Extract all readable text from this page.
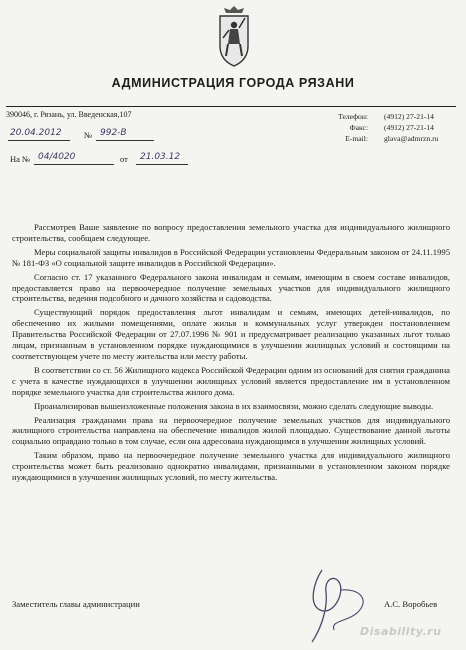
АДМИНИСТРАЦИЯ ГОРОДА РЯЗАНИ
390046, г. Рязань, ул. Введенская,107	Телефон:	(4912) 27-21-14
Факс:	(4912) 27-21-14
E-mail:	glava@admrzn.ru
20.04.2012	№ 992-В
На № 04/4020	от 21.03.12

Рассмотрев Ваше заявление по вопросу предоставления земельного участка для индивидуального жилищного строительства, сообщаем следующее.

Меры социальной защиты инвалидов в Российской Федерации установлены Федеральным законом от 24.11.1995 № 181-ФЗ «О социальной защите инвалидов в Российской Федерации».

Согласно ст. 17 указанного Федерального закона инвалидам и семьям, имеющим в своем составе инвалидов, предоставляется право на первоочередное получение земельных участков для индивидуального жилищного строительства, ведения подсобного и дачного хозяйства и садоводства.

Существующий порядок предоставления льгот инвалидам и семьям, имеющих детей-инвалидов, по обеспечению их жилыми помещениями, оплате жилья и коммунальных услуг утвержден постановлением Правительства Российской Федерации от 27.07.1996 № 901 и предусматривает реализацию указанных льгот только лицам, признанным в установленном порядке нуждающимися в улучшении жилищных условий и состоящими на соответствующем учете по месту жительства или месту работы.

В соответствии со ст. 56 Жилищного кодекса Российской Федерации одним из оснований для снятия гражданина с учета в качестве нуждающихся в улучшении жилищных условий является предоставление им в установленном порядке земельного участка для строительства жилого дома.

Проанализировав вышеизложенные положения закона в их взаимосвязи, можно сделать следующие выводы.

Реализация гражданами права на первоочередное получение земельных участков для индивидуального жилищного строительства направлена на обеспечение инвалидов жилой площадью. Существование данной льготы социально оправдано только в том случае, если она адресована нуждающимся в улучшении жилищных условий.

Таким образом, право на первоочередное получение земельного участка для индивидуального жилищного строительства может быть реализовано однократно инвалидами, признанными в установленном законом порядке нуждающимися в улучшении жилищных условий, по месту жительства.

Заместитель главы администрации	А.С. Воробьев
Disability.ru
